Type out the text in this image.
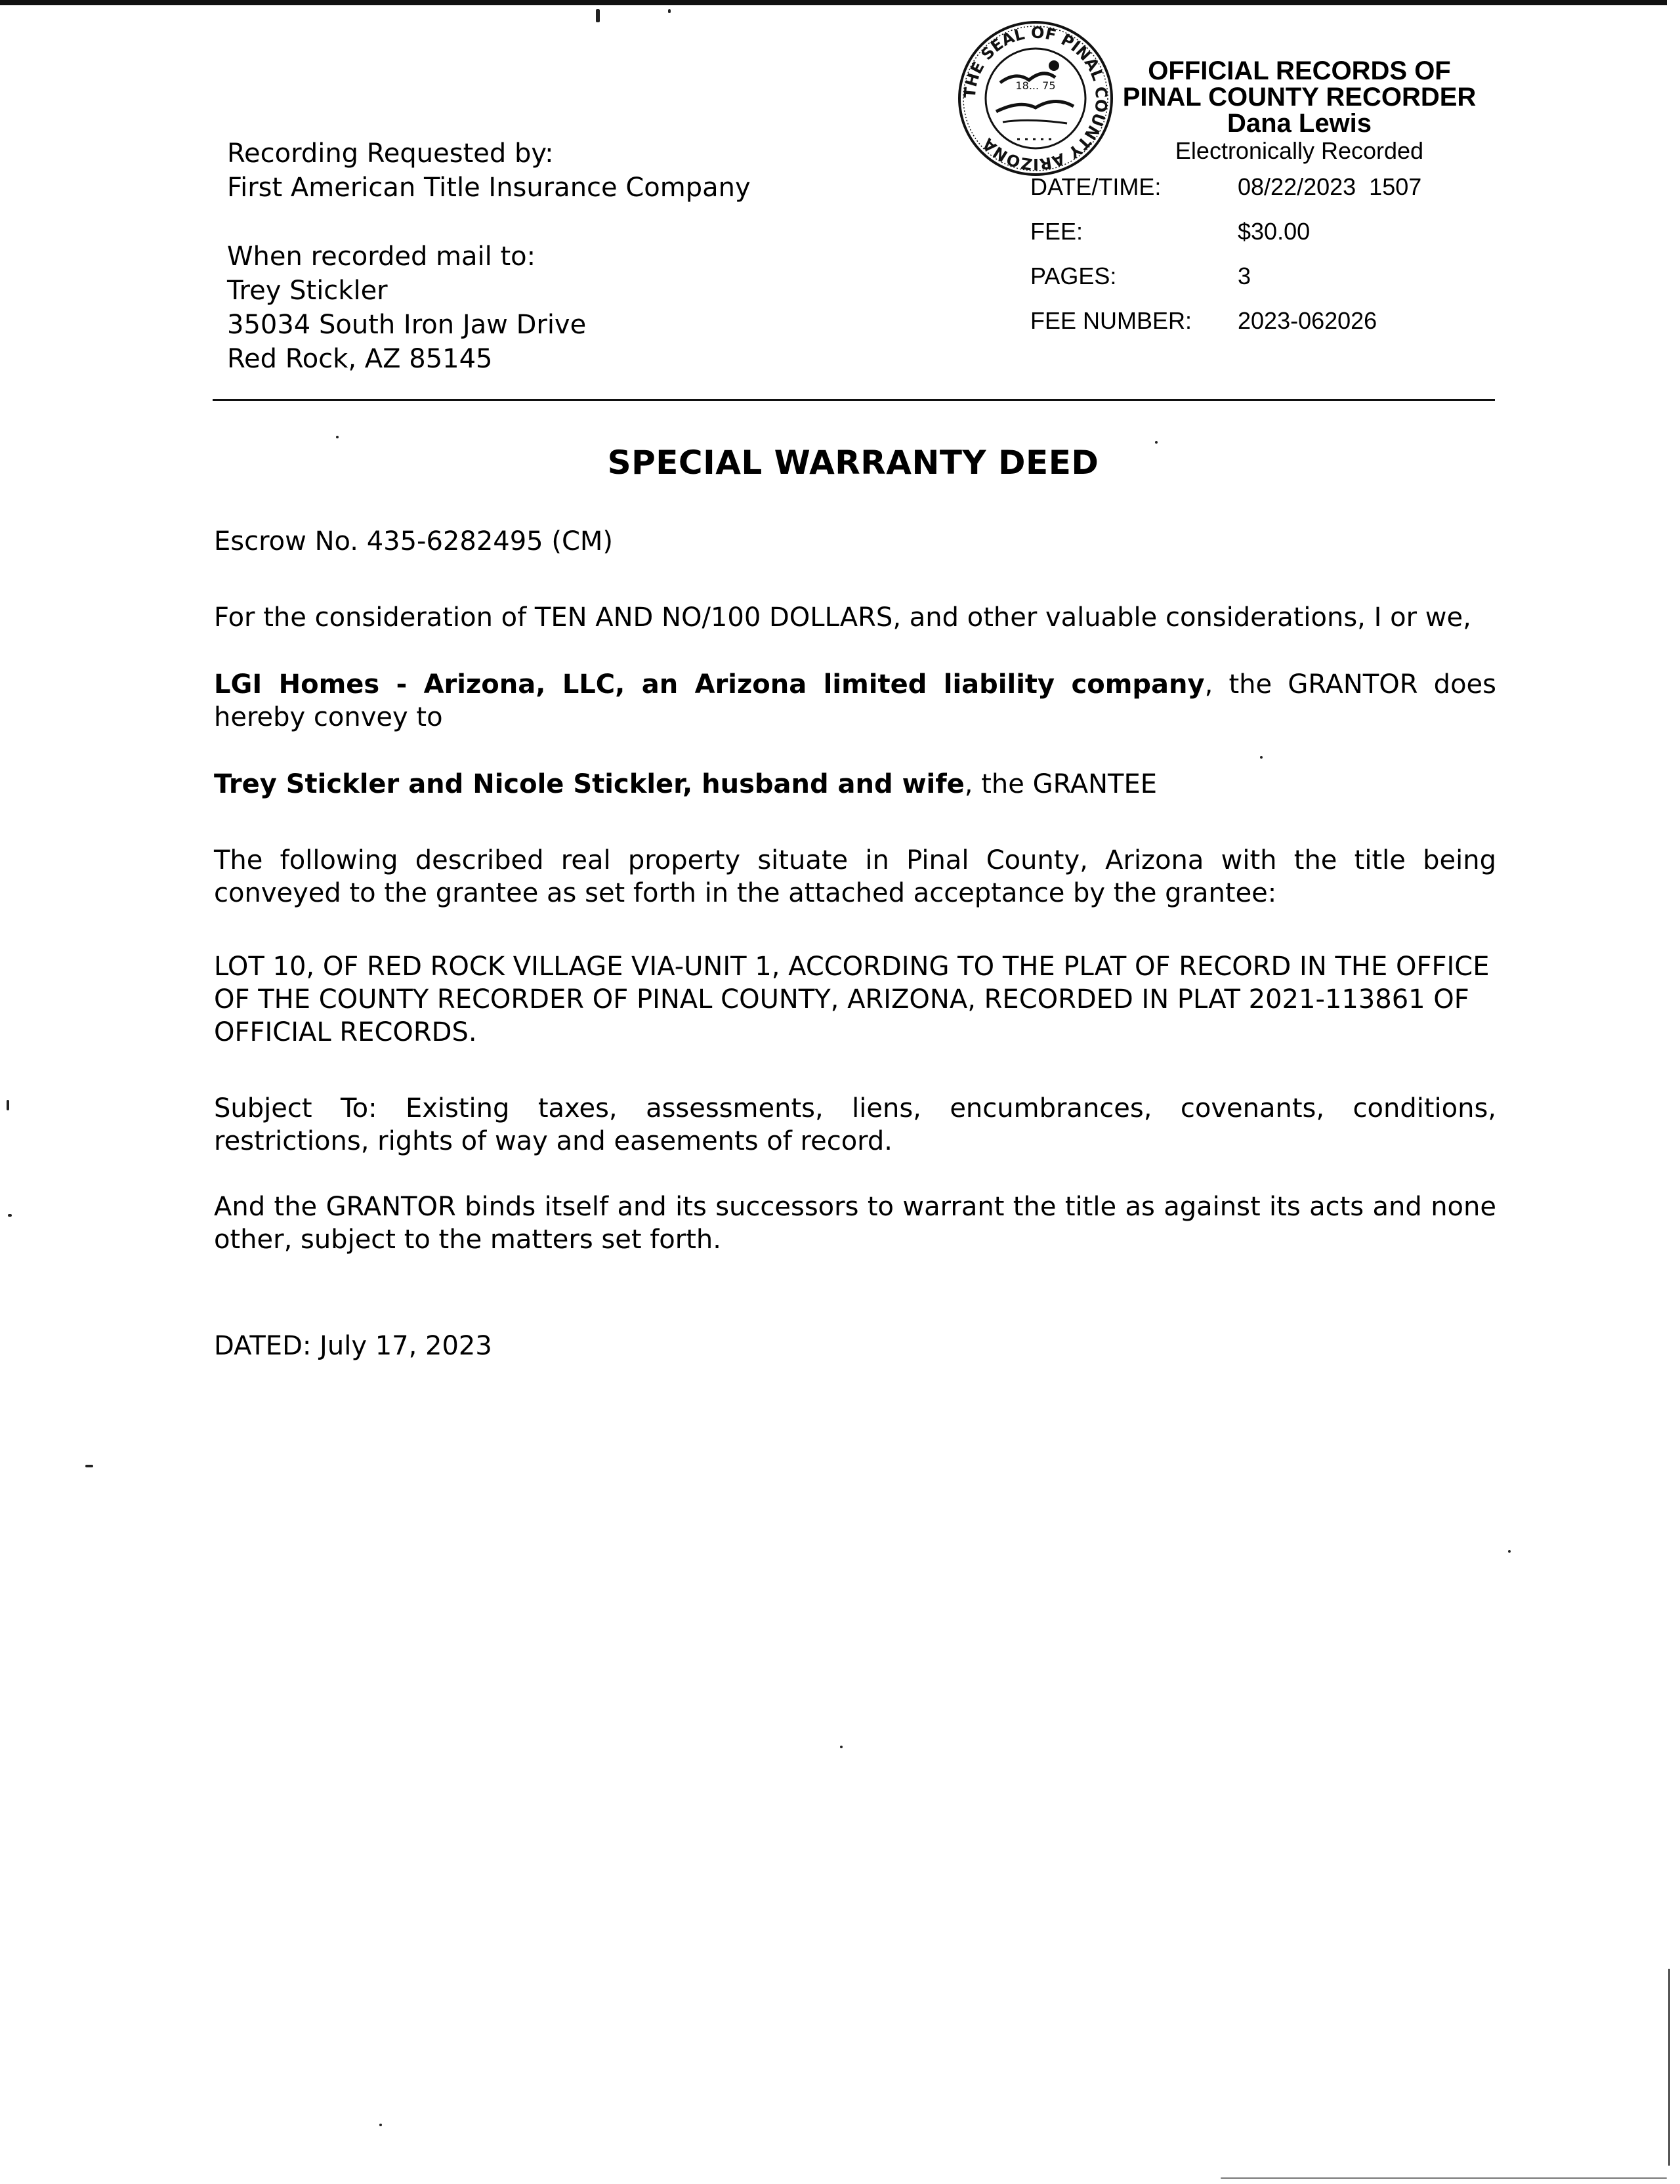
Recording Requested by:
First American Title Insurance Company
When recorded mail to:
Trey Stickler
35034 South Iron Jaw Drive
Red Rock, AZ 85145
THE SEAL OF PINAL COUNTY ARIZONA
18... 75
OFFICIAL RECORDS OF
PINAL COUNTY RECORDER
Dana Lewis
Electronically Recorded
DATE/TIME:	08/22/2023  1507
FEE:	$30.00
PAGES:	3
FEE NUMBER: 2023-062026
SPECIAL WARRANTY DEED
Escrow No. 435-6282495 (CM)
For the consideration of TEN AND NO/100 DOLLARS, and other valuable considerations, I or we,
LGI Homes - Arizona, LLC, an Arizona limited liability company, the GRANTOR does hereby convey to
Trey Stickler and Nicole Stickler, husband and wife, the GRANTEE
The following described real property situate in Pinal County, Arizona with the title being conveyed to the grantee as set forth in the attached acceptance by the grantee:
LOT 10, OF RED ROCK VILLAGE VIA-UNIT 1, ACCORDING TO THE PLAT OF RECORD IN THE OFFICE OF THE COUNTY RECORDER OF PINAL COUNTY, ARIZONA, RECORDED IN PLAT 2021-113861 OF OFFICIAL RECORDS.
Subject To: Existing taxes, assessments, liens, encumbrances, covenants, conditions, restrictions, rights of way and easements of record.
And the GRANTOR binds itself and its successors to warrant the title as against its acts and none other, subject to the matters set forth.
DATED: July 17, 2023
